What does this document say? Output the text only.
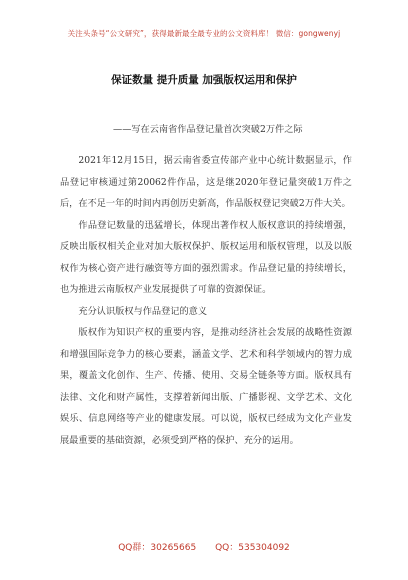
关注头条号“公文研究”，获得最新最全最专业的公文资料库！ 微信：gongwenyj
保证数量 提升质量 加强版权运用和保护
——写在云南省作品登记量首次突破2万件之际

2021年12月15日，据云南省委宣传部产业中心统计数据显示，作品登记审核通过第20062件作品，这是继2020年登记量突破1万件之后，在不足一年的时间内再创历史新高，作品版权登记突破2万件大关。

作品登记数量的迅猛增长，体现出著作权人版权意识的持续增强，反映出版权相关企业对加大版权保护、版权运用和版权管理，以及以版权作为核心资产进行融资等方面的强烈需求。作品登记量的持续增长，也为推进云南版权产业发展提供了可靠的资源保证。

充分认识版权与作品登记的意义

版权作为知识产权的重要内容，是推动经济社会发展的战略性资源和增强国际竞争力的核心要素，涵盖文学、艺术和科学领域内的智力成果，覆盖文化创作、生产、传播、使用、交易全链条等方面。版权具有法律、文化和财产属性，支撑着新闻出版、广播影视、文学艺术、文化娱乐、信息网络等产业的健康发展。可以说，版权已经成为文化产业发展最重要的基础资源，必须受到严格的保护、充分的运用。

QQ群：30265665 QQ：535304092
